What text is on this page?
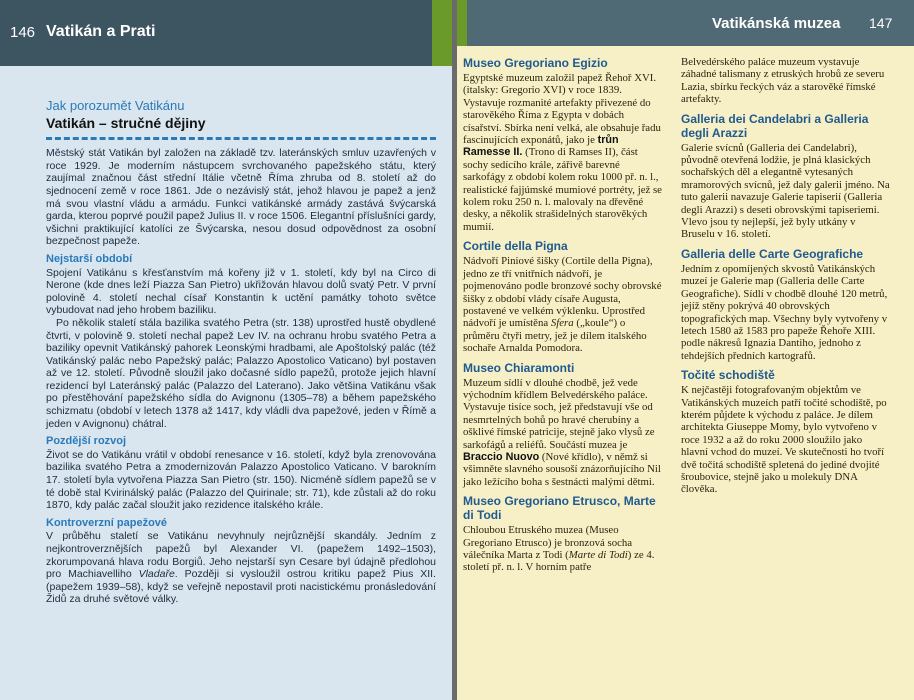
146 Vatikán a Prati
Jak porozumět Vatikánu
Vatikán – stručné dějiny

Městský stát Vatikán byl založen na základě tzv. lateránských smluv uzavřených v roce 1929. Je moderním nástupcem svrchovaného papežského státu, který zaujímal značnou část střední Itálie včetně Říma zhruba od 8. století až do sjednocení země v roce 1861. Jde o nezávislý stát, jehož hlavou je papež a jenž má svou vlastní vládu a armádu. Funkci vatikánské armády zastává švýcarská garda, kterou poprvé použil papež Julius II. v roce 1506. Elegantní příslušníci gardy, všichni praktikující katolíci ze Švýcarska, nesou dosud odpovědnost za osobní bezpečnost papeže.

Nejstarší období

Spojení Vatikánu s křesťanstvím má kořeny již v 1. století, kdy byl na Circo di Nerone (kde dnes leží Piazza San Pietro) ukřižován hlavou dolů svatý Petr. V první polovině 4. století nechal císař Konstantin k uctění památky tohoto světce vybudovat nad jeho hrobem baziliku.

Po několik staletí stála bazilika svatého Petra (str. 138) uprostřed hustě obydlené čtvrti, v polovině 9. století nechal papež Lev IV. na ochranu hrobu svatého Petra a baziliky opevnit Vatikánský pahorek Leonskými hradbami, ale Apoštolský palác (též Vatikánský palác nebo Papežský palác; Palazzo Apostolico Vaticano) byl postaven až ve 12. století. Původně sloužil jako dočasné sídlo papežů, protože jejich hlavní rezidencí byl Lateránský palác (Palazzo del Laterano). Jako většina Vatikánu však po přestěhování papežského sídla do Avignonu (1305–78) a během papežského schizmatu (období v letech 1378 až 1417, kdy vládli dva papežové, jeden v Římě a jeden v Avignonu) chátral.

Pozdější rozvoj

Život se do Vatikánu vrátil v období renesance v 16. století, když byla zrenovována bazilika svatého Petra a zmodernizován Palazzo Apostolico Vaticano. V barokním 17. století byla vytvořena Piazza San Pietro (str. 150). Nicméně sídlem papežů se v té době stal Kvirinálský palác (Palazzo del Quirinale; str. 71), kde zůstali až do roku 1870, kdy palác začal sloužit jako rezidence italského krále.

Kontroverzní papežové

V průběhu staletí se Vatikánu nevyhnuly nejrůznější skandály. Jedním z nejkontroverznějších papežů byl Alexander VI. (papežem 1492–1503), zkorumpovaná hlava rodu Borgiů. Jeho nejstarší syn Cesare byl údajně předlohou pro Machiavelliho Vladaře. Později si vysloužil ostrou kritiku papež Pius XII. (papežem 1939–58), když se veřejně nepostavil proti nacistickému pronásledování Židů za druhé světové války.

Vatikánská muzea 147
Museo Gregoriano Egizio

Egyptské muzeum založil papež Řehoř XVI. (italsky: Gregorio XVI) v roce 1839. Vystavuje rozmanité artefakty přivezené do starověkého Říma z Egypta v dobách císařství. Sbírka není velká, ale obsahuje řadu fascinujících exponátů, jako je trůn Ramesse II. (Trono di Ramses II), část sochy sedícího krále, zářivě barevné sarkofágy z období kolem roku 1000 př. n. l., realistické fajjúmské mumiové portréty, jež se kolem roku 250 n. l. malovaly na dřevěné desky, a několik strašidelných starověkých mumií.

Cortile della Pigna

Nádvoří Piniové šišky (Cortile della Pigna), jedno ze tří vnitřních nádvoří, je pojmenováno podle bronzové sochy obrovské šišky z období vlády císaře Augusta, postavené ve velkém výklenku. Uprostřed nádvoří je umístěna Sfera („koule“) o průměru čtyři metry, jež je dílem italského sochaře Arnalda Pomodora.

Museo Chiaramonti

Muzeum sídlí v dlouhé chodbě, jež vede východním křídlem Belvedérského paláce. Vystavuje tisíce soch, jež představují vše od nesmrtelných bohů po hravé cherubíny a ošklivé římské patricije, stejně jako vlysů ze sarkofágů a reliéfů. Součástí muzea je Braccio Nuovo (Nové křídlo), v němž si všimněte slavného sousoší znázorňujícího Nil jako ležícího boha s šestnácti malými dětmi.

Museo Gregoriano Etrusco, Marte di Todi

Chloubou Etruského muzea (Museo Gregoriano Etrusco) je bronzová socha válečníka Marta z Todi (Marte di Todi) ze 4. století př. n. l. V horním patře

Belvedérského paláce muzeum vystavuje záhadné talismany z etruských hrobů ze severu Lazia, sbírku řeckých váz a starověké římské artefakty.

Galleria dei Candelabri a Galleria degli Arazzi

Galerie svícnů (Galleria dei Candelabri), původně otevřená lodžie, je plná klasických sochařských děl a elegantně vytesaných mramorových svícnů, jež daly galerii jméno. Na tuto galerii navazuje Galerie tapiserií (Galleria degli Arazzi) s deseti obrovskými tapiseriemi. Vlevo jsou ty nejlepší, jež byly utkány v Bruselu v 16. století.

Galleria delle Carte Geografiche

Jedním z opomíjených skvostů Vatikánských muzeí je Galerie map (Galleria delle Carte Geografiche). Sídlí v chodbě dlouhé 120 metrů, jejíž stěny pokrývá 40 obrovských topografických map. Všechny byly vytvořeny v letech 1580 až 1583 pro papeže Řehoře XIII. podle nákresů Ignazia Dantiho, jednoho z tehdejších předních kartografů.

Točité schodiště

K nejčastěji fotografovaným objektům ve Vatikánských muzeích patří točité schodiště, po kterém půjdete k východu z paláce. Je dílem architekta Giuseppe Momy, bylo vytvořeno v roce 1932 a až do roku 2000 sloužilo jako hlavní vchod do muzeí. Ve skutečnosti ho tvoří dvě točitá schodiště spletená do jediné dvojité šroubovice, stejně jako u molekuly DNA člověka.
